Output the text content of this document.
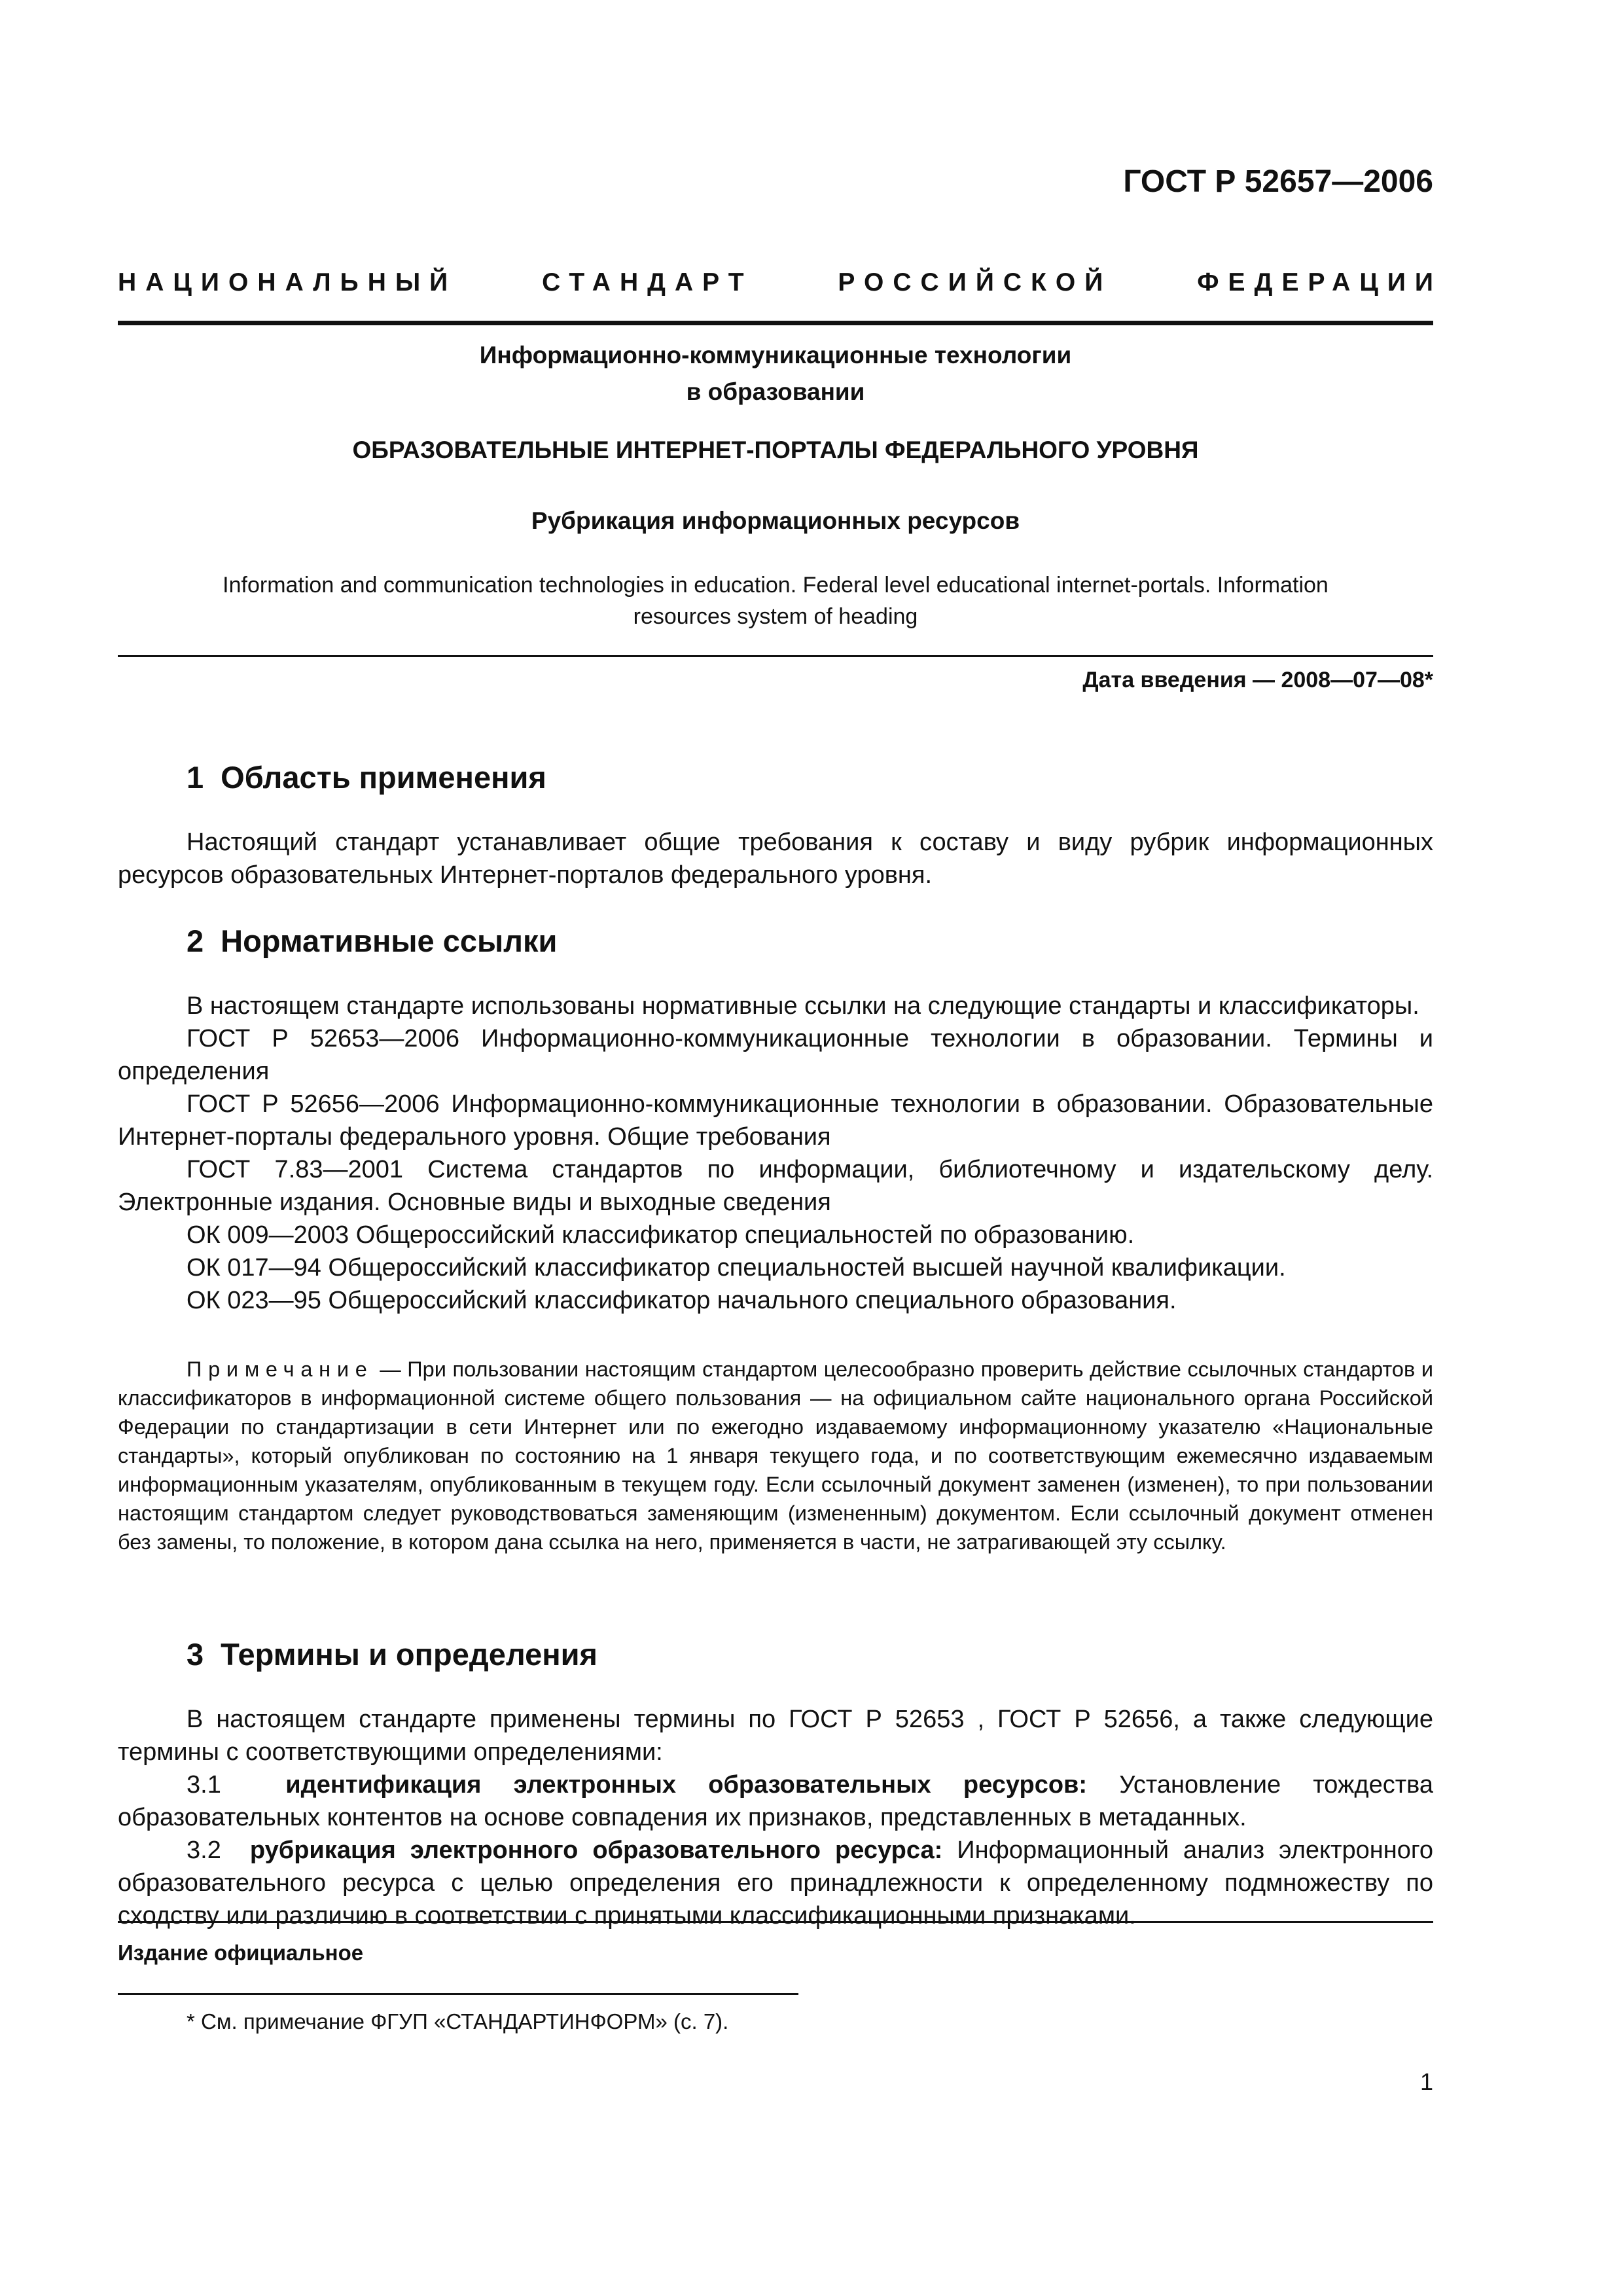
ГОСТ Р 52657—2006
НАЦИОНАЛЬНЫЙ	СТАНДАРТ	РОССИЙСКОЙ	ФЕДЕРАЦИИ
Информационно-коммуникационные технологии
в образовании
ОБРАЗОВАТЕЛЬНЫЕ ИНТЕРНЕТ-ПОРТАЛЫ ФЕДЕРАЛЬНОГО УРОВНЯ
Рубрикация информационных ресурсов
Information and communication technologies in education. Federal level educational internet-portals. Information
resources system of heading
Дата введения — 2008—07—08*
1 Область применения

Настоящий стандарт устанавливает общие требования к составу и виду рубрик информационных ресурсов образовательных Интернет-порталов федерального уровня.

2 Нормативные ссылки

В настоящем стандарте использованы нормативные ссылки на следующие стандарты и классификаторы.

ГОСТ Р 52653—2006 Информационно-коммуникационные технологии в образовании. Термины и определения

ГОСТ Р 52656—2006 Информационно-коммуникационные технологии в образовании. Образовательные Интернет-порталы федерального уровня. Общие требования

ГОСТ 7.83—2001 Система стандартов по информации, библиотечному и издательскому делу. Электронные издания. Основные виды и выходные сведения

ОК 009—2003 Общероссийский классификатор специальностей по образованию.

ОК 017—94 Общероссийский классификатор специальностей высшей научной квалификации.

ОК 023—95 Общероссийский классификатор начального специального образования.

Примечание — При пользовании настоящим стандартом целесообразно проверить действие ссылочных стандартов и классификаторов в информационной системе общего пользования — на официальном сайте национального органа Российской Федерации по стандартизации в сети Интернет или по ежегодно издаваемому информационному указателю «Национальные стандарты», который опубликован по состоянию на 1 января текущего года, и по соответствующим ежемесячно издаваемым информационным указателям, опубликованным в текущем году. Если ссылочный документ заменен (изменен), то при пользовании настоящим стандартом следует руководствоваться заменяющим (измененным) документом. Если ссылочный документ отменен без замены, то положение, в котором дана ссылка на него, применяется в части, не затрагивающей эту ссылку.

3 Термины и определения

В настоящем стандарте применены термины по ГОСТ Р 52653 , ГОСТ Р 52656, а также следующие термины с соответствующими определениями:

3.1	идентификация электронных образовательных ресурсов: Установление тождества образовательных контентов на основе совпадения их признаков, представленных в метаданных.

3.2 рубрикация электронного образовательного ресурса: Информационный анализ электронного образовательного ресурса с целью определения его принадлежности к определенному подмножеству по сходству или различию в соответствии с принятыми классификационными признаками.

Издание официальное
* См. примечание ФГУП «СТАНДАРТИНФОРМ» (с. 7).
1
